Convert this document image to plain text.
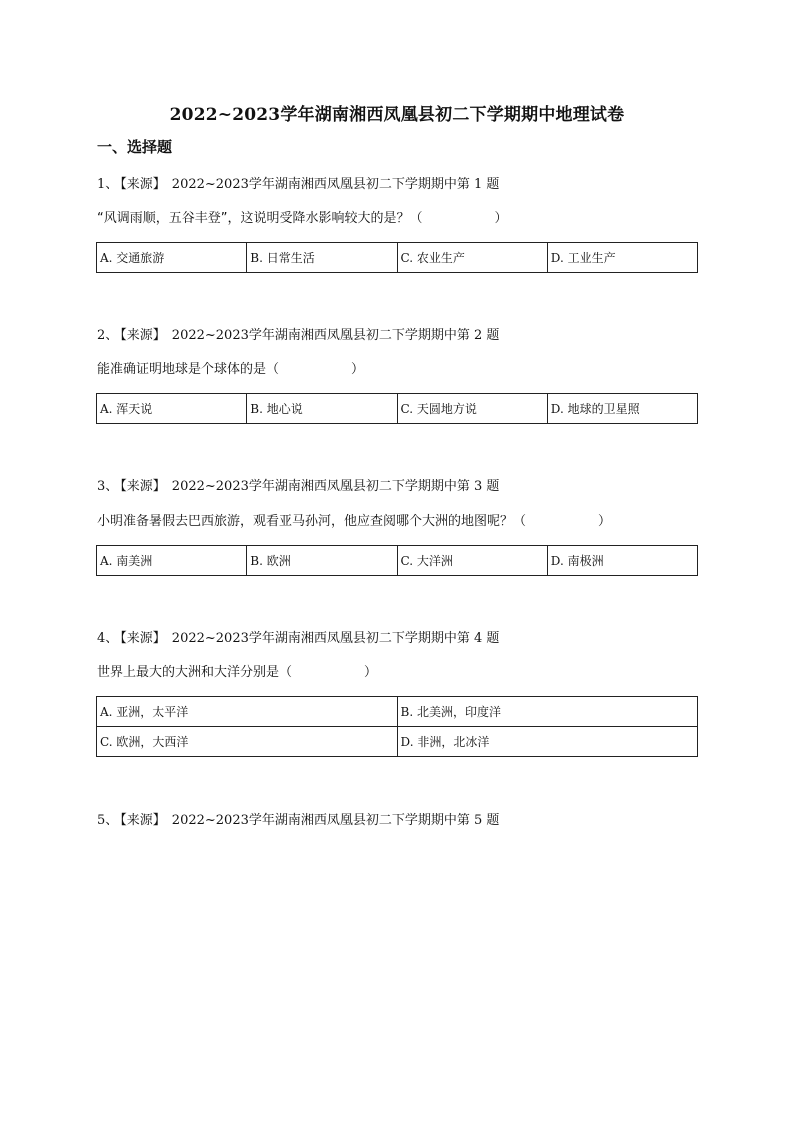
2022~2023学年湖南湘西凤凰县初二下学期期中地理试卷
一、选择题
1、 【来源】 2022~2023学年湖南湘西凤凰县初二下学期期中第 1 题
“风调雨顺，五谷丰登”，这说明受降水影响较大的是？（	）
A. 交通旅游	B. 日常生活	C. 农业生产	D. 工业生产
2、 【来源】 2022~2023学年湖南湘西凤凰县初二下学期期中第 2 题
能准确证明地球是个球体的是（	）
A. 浑天说	B. 地心说	C. 天圆地方说	D. 地球的卫星照
3、 【来源】 2022~2023学年湖南湘西凤凰县初二下学期期中第 3 题
小明准备暑假去巴西旅游，观看亚马孙河，他应查阅哪个大洲的地图呢？（	）
A. 南美洲	B. 欧洲	C. 大洋洲	D. 南极洲
4、 【来源】 2022~2023学年湖南湘西凤凰县初二下学期期中第 4 题
世界上最大的大洲和大洋分别是（	）
A. 亚洲，太平洋	B. 北美洲，印度洋
C. 欧洲，大西洋	D. 非洲，北冰洋
5、 【来源】 2022~2023学年湖南湘西凤凰县初二下学期期中第 5 题
